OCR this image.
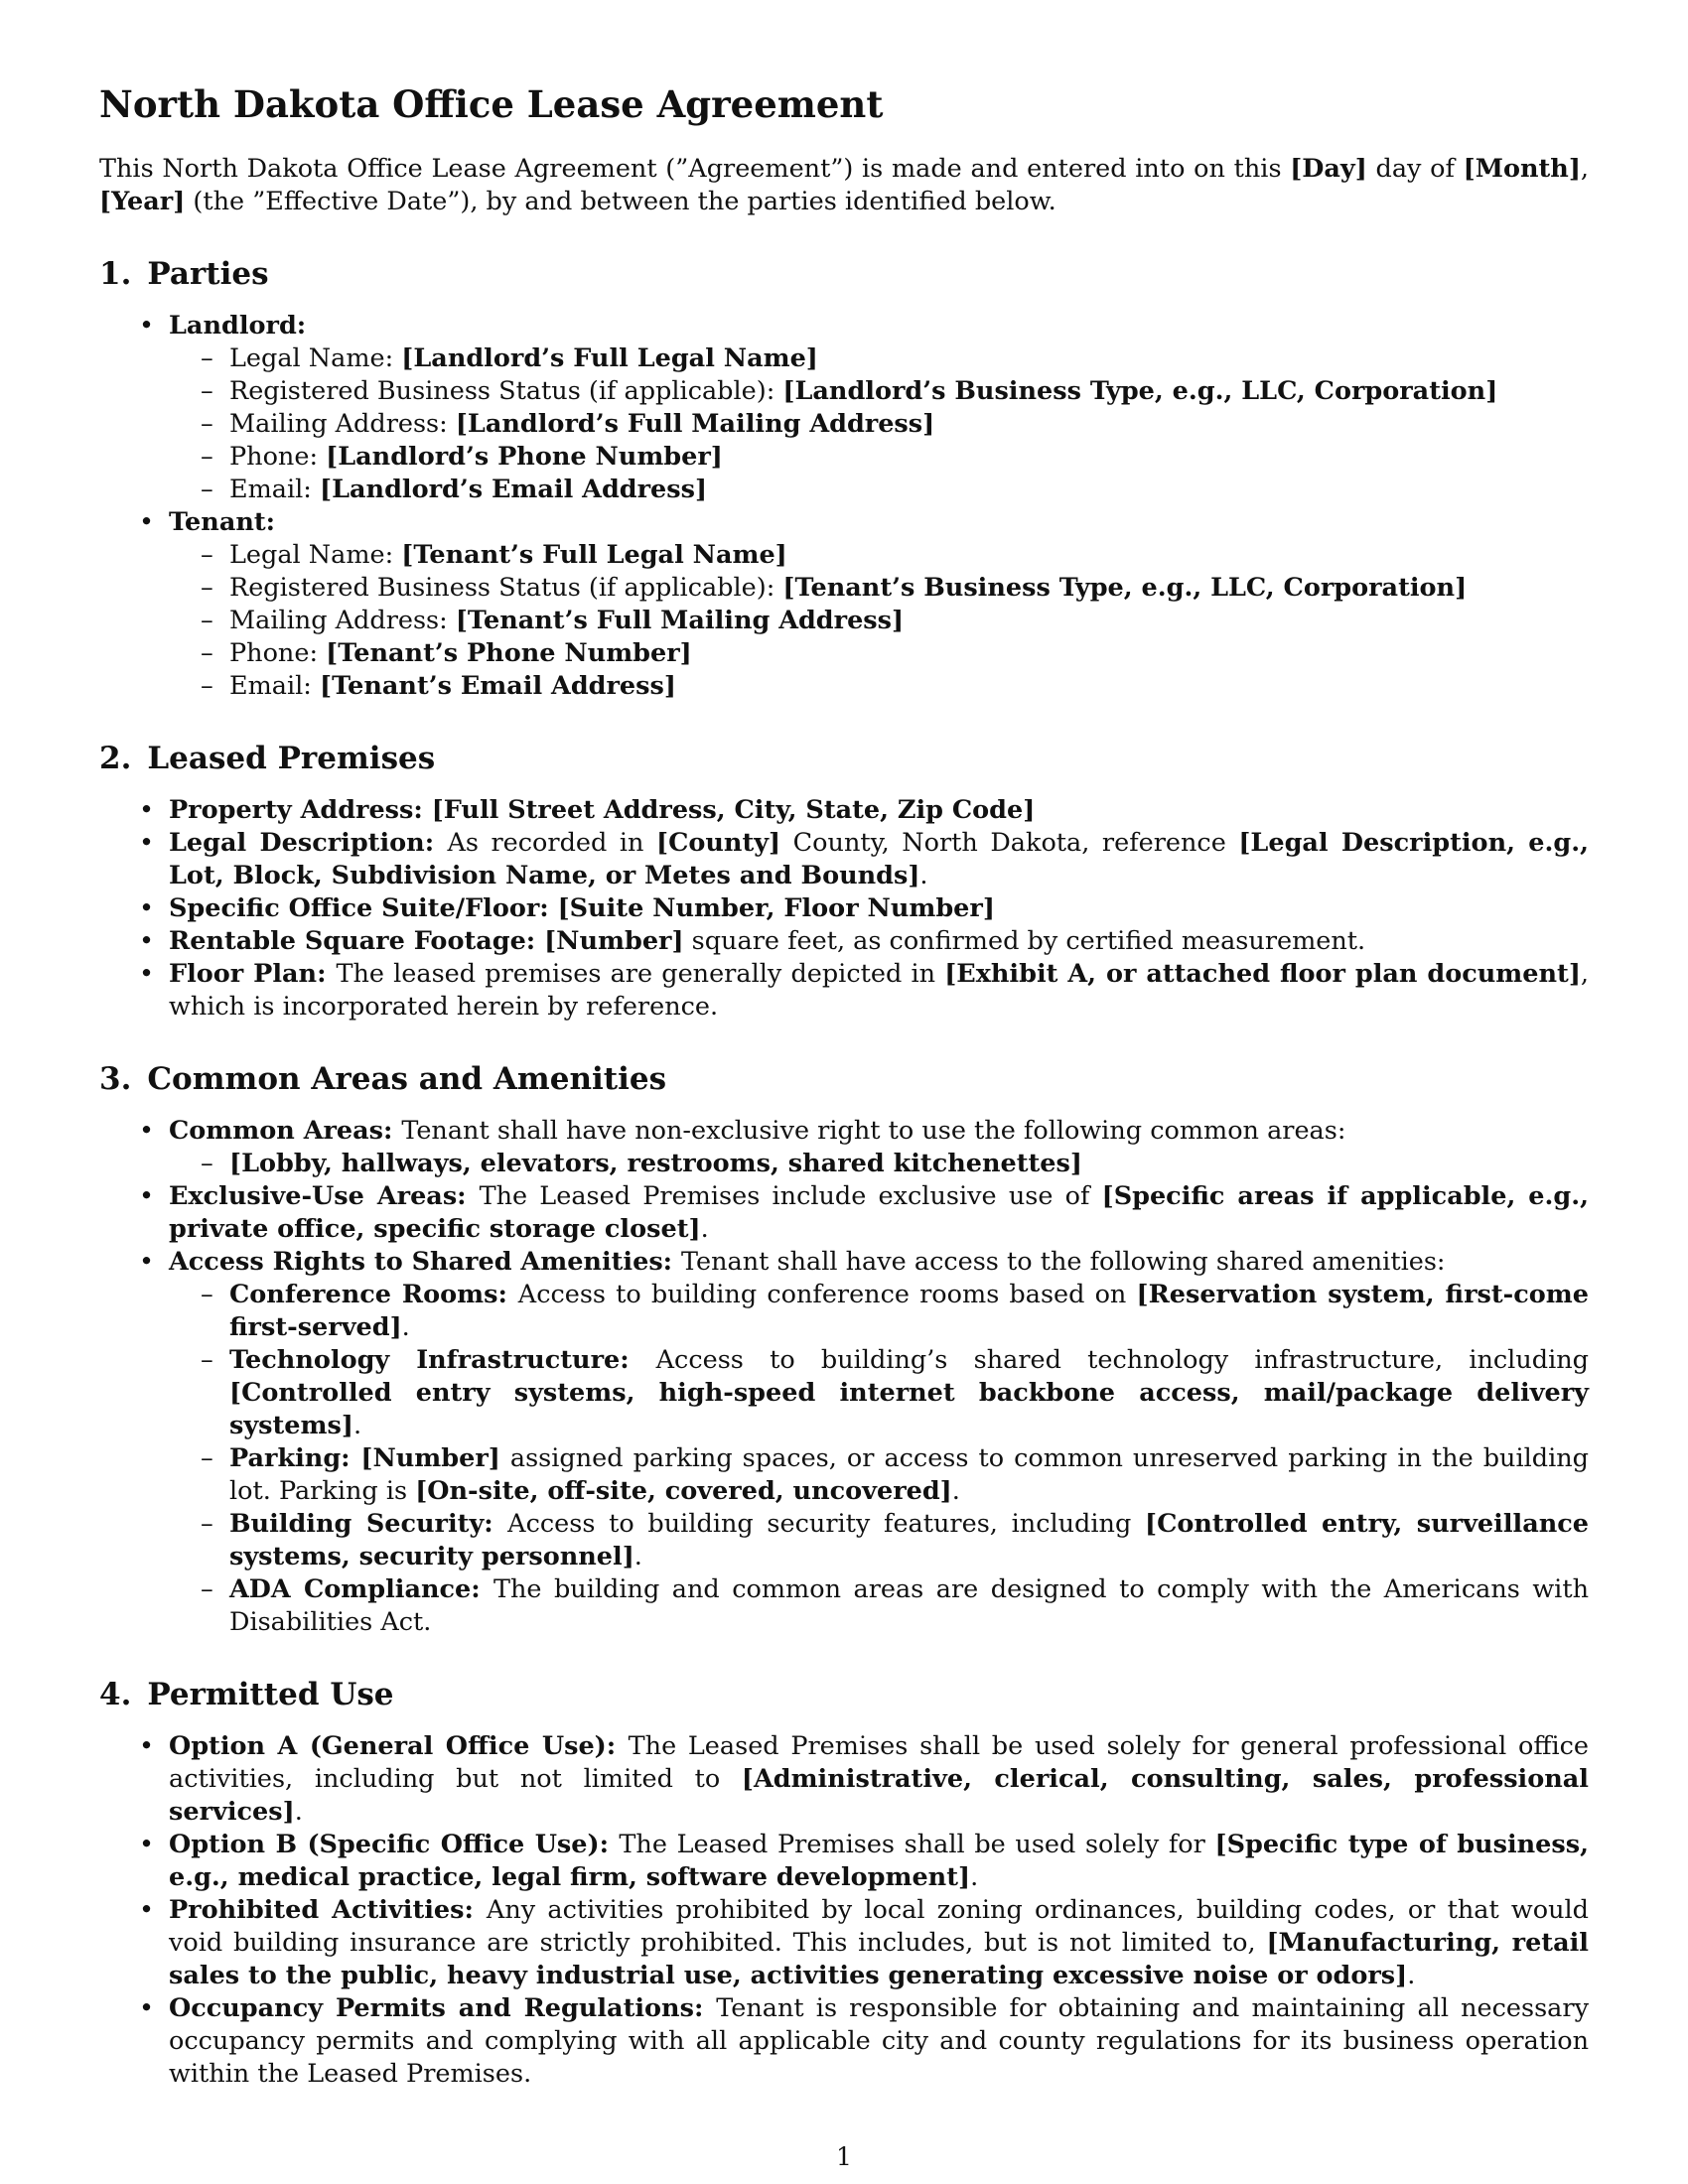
North Dakota Office Lease Agreement

This North Dakota Office Lease Agreement (”Agreement”) is made and entered into on this [Day] day of [Month], [Year] (the ”Effective Date”), by and between the parties identified below.

1. Parties
• Landlord:
– Legal Name: [Landlord’s Full Legal Name]
– Registered Business Status (if applicable): [Landlord’s Business Type, e.g., LLC, Corporation]
– Mailing Address: [Landlord’s Full Mailing Address]
– Phone: [Landlord’s Phone Number]
– Email: [Landlord’s Email Address]
• Tenant:
– Legal Name: [Tenant’s Full Legal Name]
– Registered Business Status (if applicable): [Tenant’s Business Type, e.g., LLC, Corporation]
– Mailing Address: [Tenant’s Full Mailing Address]
– Phone: [Tenant’s Phone Number]
– Email: [Tenant’s Email Address]
2. Leased Premises
• Property Address: [Full Street Address, City, State, Zip Code]
• Legal Description: As recorded in [County] County, North Dakota, reference [Legal Description, e.g., Lot, Block, Subdivision Name, or Metes and Bounds].
• Specific Office Suite/Floor: [Suite Number, Floor Number]
• Rentable Square Footage: [Number] square feet, as confirmed by certified measurement.
• Floor Plan: The leased premises are generally depicted in [Exhibit A, or attached floor plan document], which is incorporated herein by reference.
3. Common Areas and Amenities
• Common Areas: Tenant shall have non-exclusive right to use the following common areas:
– [Lobby, hallways, elevators, restrooms, shared kitchenettes]
• Exclusive-Use Areas: The Leased Premises include exclusive use of [Specific areas if applicable, e.g., private office, specific storage closet].
• Access Rights to Shared Amenities: Tenant shall have access to the following shared amenities:
– Conference Rooms: Access to building conference rooms based on [Reservation system, first-come first-served].
– Technology Infrastructure: Access to building’s shared technology infrastructure, including [Controlled entry systems, high-speed internet backbone access, mail/package delivery systems].
– Parking: [Number] assigned parking spaces, or access to common unreserved parking in the building lot. Parking is [On-site, off-site, covered, uncovered].
– Building Security: Access to building security features, including [Controlled entry, surveillance systems, security personnel].
– ADA Compliance: The building and common areas are designed to comply with the Americans with Disabilities Act.
4. Permitted Use
• Option A (General Office Use): The Leased Premises shall be used solely for general professional office activities, including but not limited to [Administrative, clerical, consulting, sales, professional services].
• Option B (Specific Office Use): The Leased Premises shall be used solely for [Specific type of business, e.g., medical practice, legal firm, software development].
• Prohibited Activities: Any activities prohibited by local zoning ordinances, building codes, or that would void building insurance are strictly prohibited. This includes, but is not limited to, [Manufacturing, retail sales to the public, heavy industrial use, activities generating excessive noise or odors].
• Occupancy Permits and Regulations: Tenant is responsible for obtaining and maintaining all necessary occupancy permits and complying with all applicable city and county regulations for its business operation within the Leased Premises.
1
